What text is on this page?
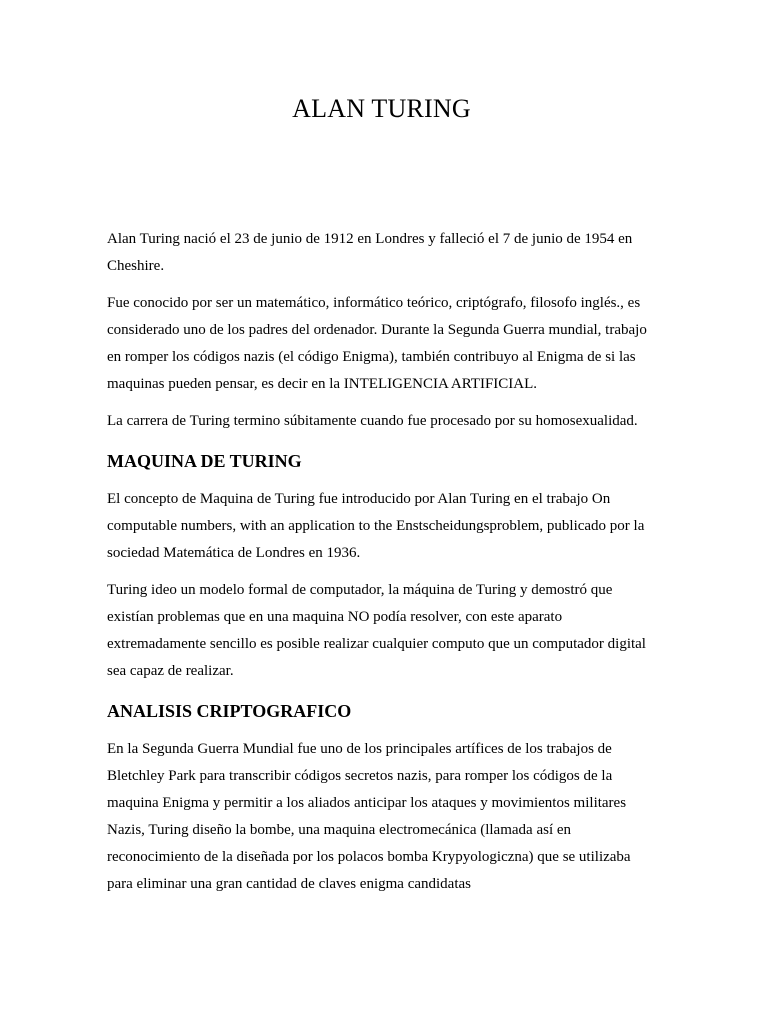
ALAN TURING

Alan Turing nació el 23 de junio de 1912 en Londres y falleció el 7 de junio de 1954 en Cheshire.

Fue conocido por ser un matemático, informático teórico, criptógrafo, filosofo inglés., es considerado uno de los padres del ordenador. Durante la Segunda Guerra mundial, trabajo en romper los códigos nazis (el código Enigma), también contribuyo al Enigma de si las maquinas pueden pensar, es decir en la INTELIGENCIA ARTIFICIAL.

La carrera de Turing termino súbitamente cuando fue procesado por su homosexualidad.

MAQUINA DE TURING

El concepto de Maquina de Turing fue introducido por Alan Turing en el trabajo On computable numbers, with an application to the Enstscheidungsproblem, publicado por la sociedad Matemática de Londres en 1936.

Turing ideo un modelo formal de computador, la máquina de Turing y demostró que existían problemas que en una maquina NO podía resolver, con este aparato extremadamente sencillo es posible realizar cualquier computo que un computador digital sea capaz de realizar.

ANALISIS CRIPTOGRAFICO

En la Segunda Guerra Mundial fue uno de los principales artífices de los trabajos de Bletchley Park para transcribir códigos secretos nazis, para romper los códigos de la maquina Enigma y permitir a los aliados anticipar los ataques y movimientos militares Nazis, Turing diseño la bombe, una maquina electromecánica (llamada así en reconocimiento de la diseñada por los polacos bomba Krypyologiczna) que se utilizaba para eliminar una gran cantidad de claves enigma candidatas
